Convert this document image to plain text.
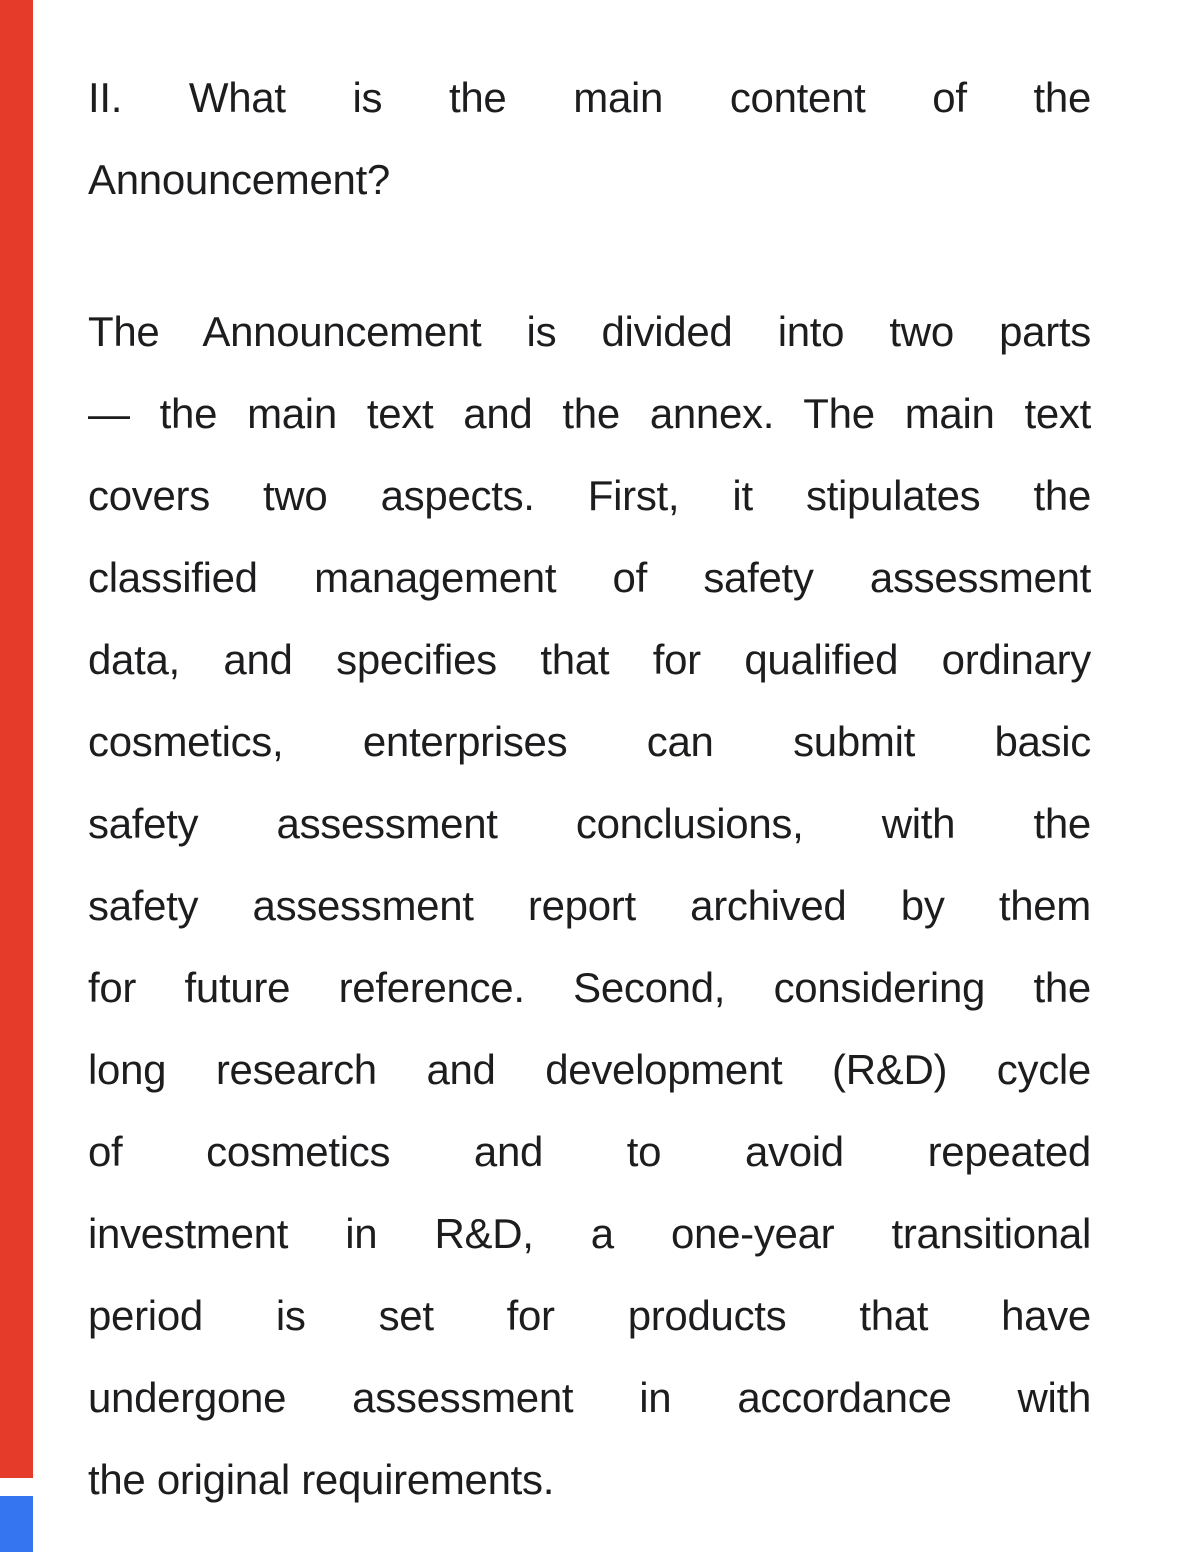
II. What is the main content of the
Announcement?
The Announcement is divided into two parts
— the main text and the annex. The main text
covers two aspects. First, it stipulates the
classified management of safety assessment
data, and specifies that for qualified ordinary
cosmetics, enterprises can submit basic
safety assessment conclusions, with the
safety assessment report archived by them
for future reference. Second, considering the
long research and development (R&D) cycle
of cosmetics and to avoid repeated
investment in R&D, a one-year transitional
period is set for products that have
undergone assessment in accordance with
the original requirements.
